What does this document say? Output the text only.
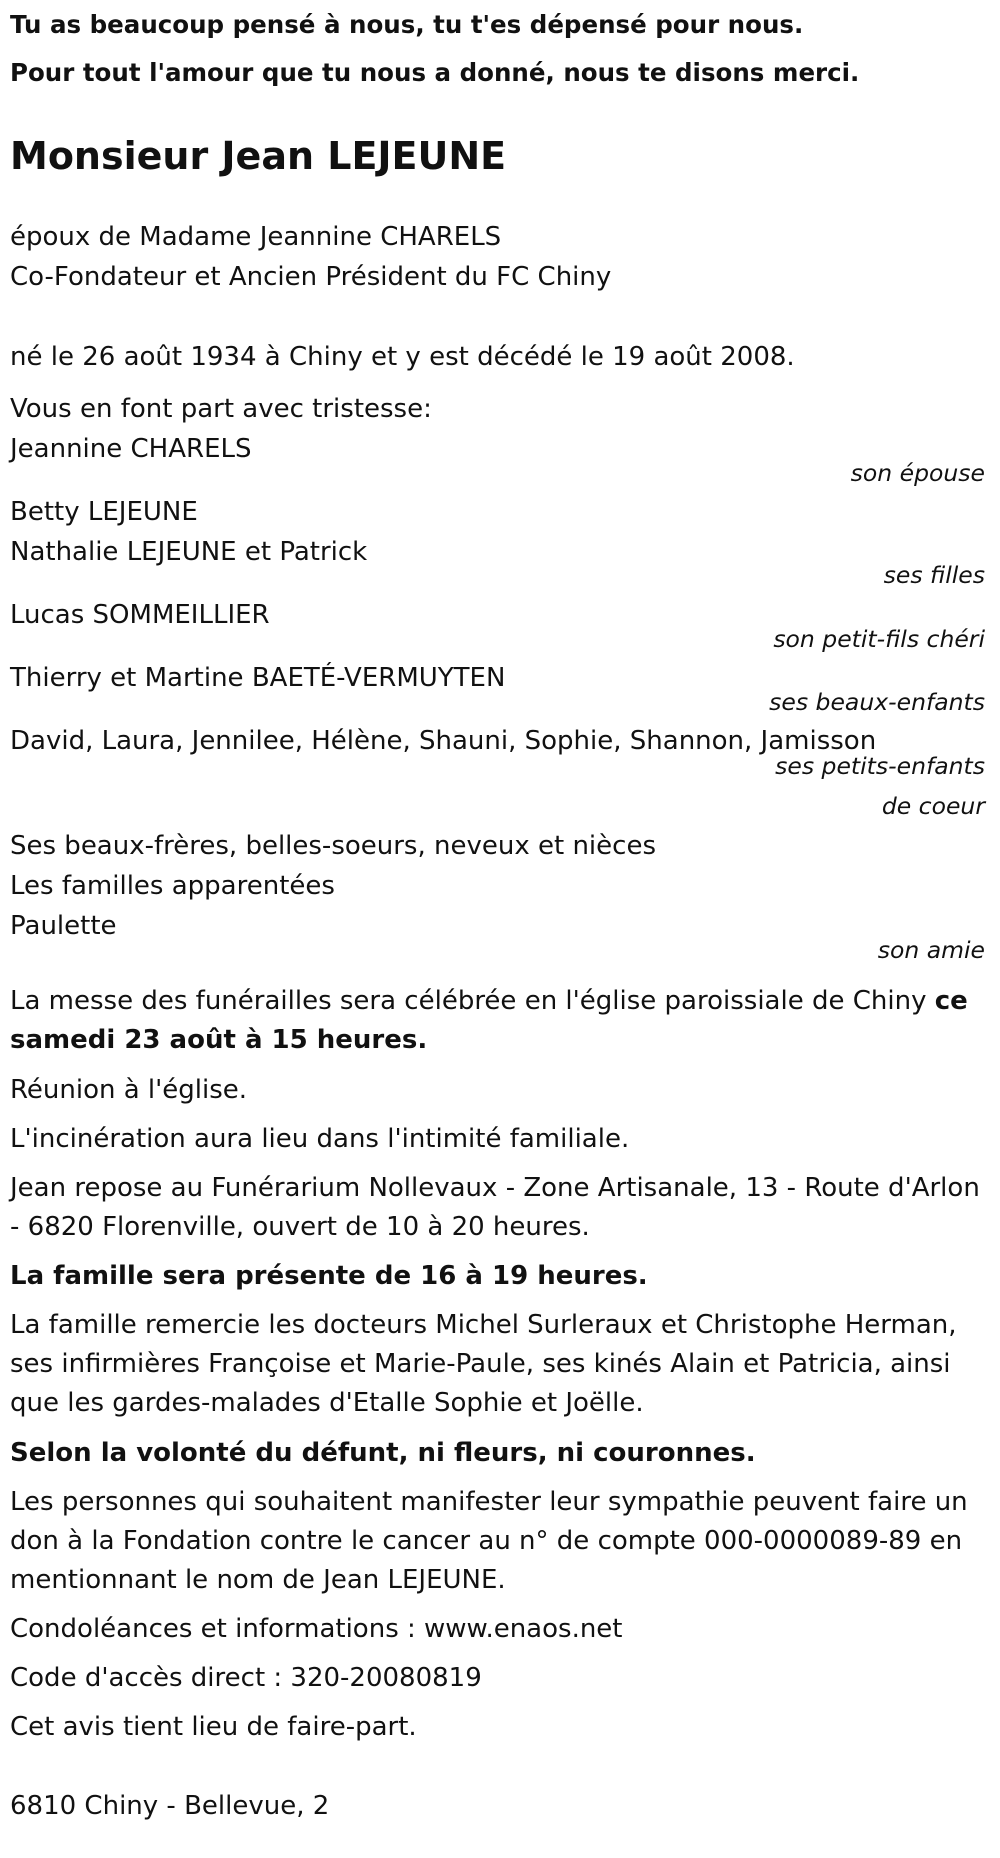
Tu as beaucoup pensé à nous, tu t'es dépensé pour nous.

Pour tout l'amour que tu nous a donné, nous te disons merci.

Monsieur Jean LEJEUNE
époux de Madame Jeannine CHARELS
Co-Fondateur et Ancien Président du FC Chiny
né le 26 août 1934 à Chiny et y est décédé le 19 août 2008.
Vous en font part avec tristesse:
Jeannine CHARELS
son épouse
Betty LEJEUNE
Nathalie LEJEUNE et Patrick
ses filles
Lucas SOMMEILLIER
son petit-fils chéri
Thierry et Martine BAETÉ-VERMUYTEN
ses beaux-enfants
David, Laura, Jennilee, Hélène, Shauni, Sophie, Shannon, Jamisson
ses petits-enfants
de coeur
Ses beaux-frères, belles-soeurs, neveux et nièces
Les familles apparentées
Paulette
son amie
La messe des funérailles sera célébrée en l'église paroissiale de Chiny ce samedi 23 août à 15 heures.
Réunion à l'église.
L'incinération aura lieu dans l'intimité familiale.
Jean repose au Funérarium Nollevaux - Zone Artisanale, 13 - Route d'Arlon - 6820 Florenville, ouvert de 10 à 20 heures.
La famille sera présente de 16 à 19 heures.
La famille remercie les docteurs Michel Surleraux et Christophe Herman, ses infirmières Françoise et Marie-Paule, ses kinés Alain et Patricia, ainsi que les gardes-malades d'Etalle Sophie et Joëlle.
Selon la volonté du défunt, ni fleurs, ni couronnes.
Les personnes qui souhaitent manifester leur sympathie peuvent faire un don à la Fondation contre le cancer au n° de compte 000-0000089-89 en mentionnant le nom de Jean LEJEUNE.
Condoléances et informations : www.enaos.net
Code d'accès direct : 320-20080819
Cet avis tient lieu de faire-part.
6810 Chiny - Bellevue, 2
